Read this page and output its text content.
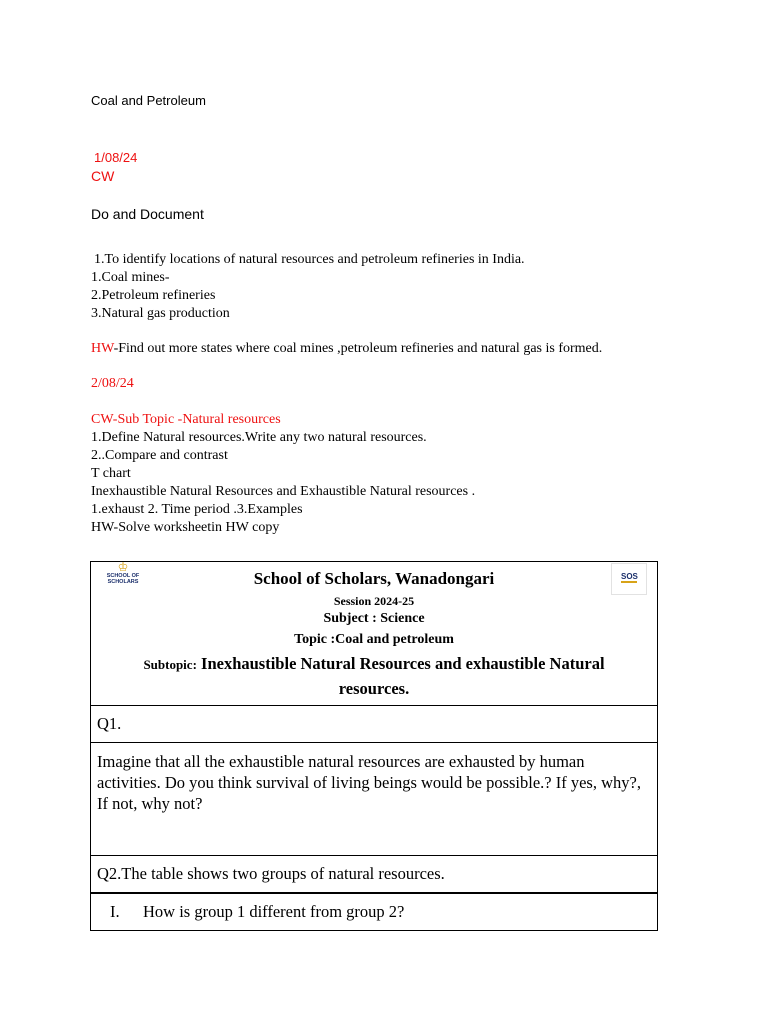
Coal and Petroleum
1/08/24
CW
Do and Document
1.To identify locations of natural resources and petroleum refineries in India.
1.Coal mines-
2.Petroleum refineries
3.Natural gas production
HW-Find out more states where coal mines ,petroleum refineries and natural gas is formed.
2/08/24
CW-Sub Topic -Natural resources
1.Define Natural resources.Write any two natural resources.
2..Compare and contrast
T chart
Inexhaustible Natural Resources and Exhaustible Natural resources .
1.exhaust 2. Time period .3.Examples
HW-Solve worksheetin HW copy
♔
SCHOOL OF SCHOLARS
SOS
School of Scholars, Wanadongari
Session 2024-25
Subject : Science
Topic :Coal and petroleum
Subtopic: Inexhaustible Natural Resources and exhaustible Natural resources.
Q1.
Imagine that all the exhaustible natural resources are exhausted by human activities. Do you think survival of living beings would be possible.? If yes, why?, If not, why not?
Q2.The table shows two groups of natural resources.
I. How is group 1 different from group 2?
